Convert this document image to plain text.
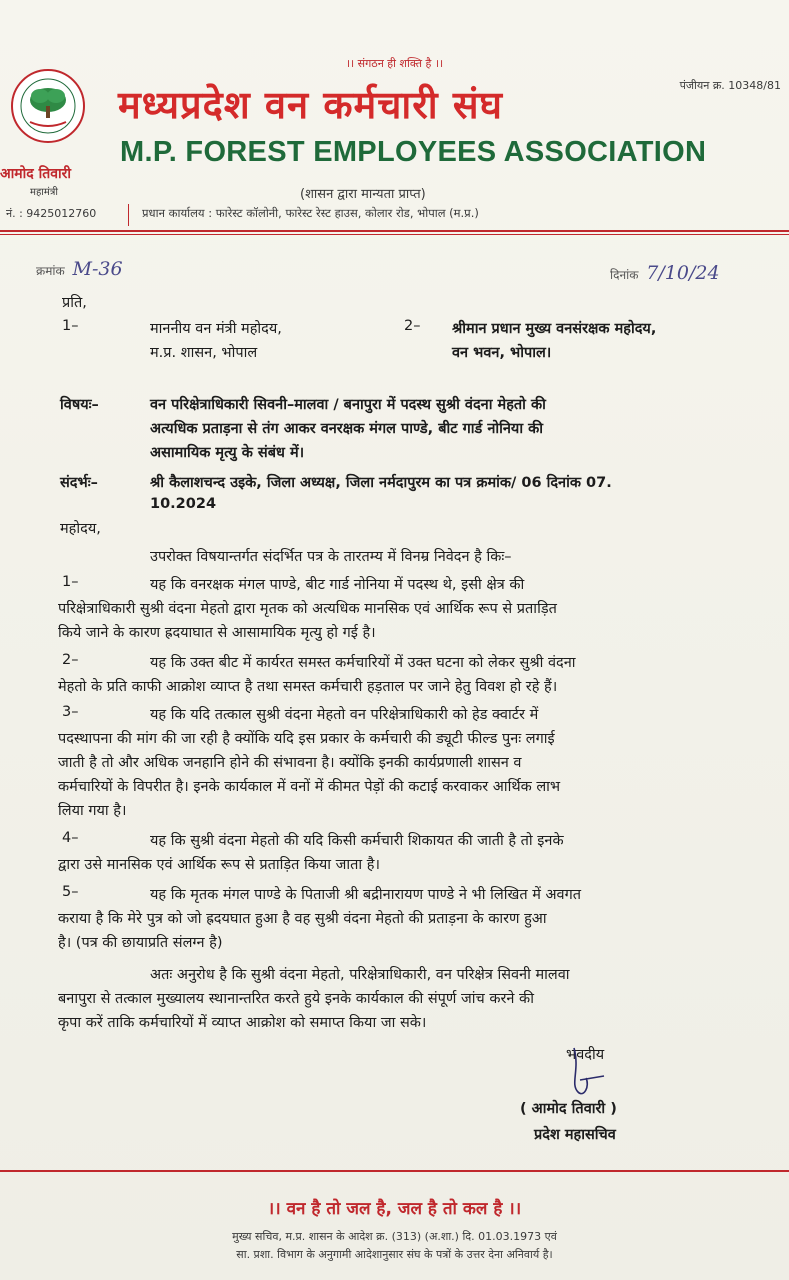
।। संगठन ही शक्ति है ।।
पंजीयन क्र. 10348/81
मध्यप्रदेश वन कर्मचारी संघ
M.P. FOREST EMPLOYEES ASSOCIATION
आमोद तिवारी
महामंत्री	(शासन द्वारा मान्यता प्राप्त)
नं. : 9425012760	प्रधान कार्यालय : फारेस्ट कॉलोनी, फारेस्ट रेस्ट हाउस, कोलार रोड, भोपाल (म.प्र.)
क्रमांक M-36	दिनांक 7/10/24
प्रति,
1–	माननीय वन मंत्री महोदय,
म.प्र. शासन, भोपाल
2– श्रीमान प्रधान मुख्य वनसंरक्षक महोदय,
वन भवन, भोपाल।
विषयः–	वन परिक्षेत्राधिकारी सिवनी–मालवा / बनापुरा में पदस्थ सुश्री वंदना मेहतो की
अत्यधिक प्रताड़ना से तंग आकर वनरक्षक मंगल पाण्डे, बीट गार्ड नोनिया की
असामायिक मृत्यु के संबंध में।
संदर्भः–	श्री कैलाशचन्द उइके, जिला अध्यक्ष, जिला नर्मदापुरम का पत्र क्रमांक/ 06 दिनांक 07.
10.2024
महोदय,
उपरोक्त विषयान्तर्गत संदर्भित पत्र के तारतम्य में विनम्र निवेदन है किः–
1–	यह कि वनरक्षक मंगल पाण्डे, बीट गार्ड नोनिया में पदस्थ थे, इसी क्षेत्र की
परिक्षेत्राधिकारी सुश्री वंदना मेहतो द्वारा मृतक को अत्यधिक मानसिक एवं आर्थिक रूप से प्रताड़ित
किये जाने के कारण ह्रदयाघात से आसामायिक मृत्यु हो गई है।
2–	यह कि उक्त बीट में कार्यरत समस्त कर्मचारियों में उक्त घटना को लेकर सुश्री वंदना
मेहतो के प्रति काफी आक्रोश व्याप्त है तथा समस्त कर्मचारी हड़ताल पर जाने हेतु विवश हो रहे हैं।
3–	यह कि यदि तत्काल सुश्री वंदना मेहतो वन परिक्षेत्राधिकारी को हेड क्वार्टर में
पदस्थापना की मांग की जा रही है क्योंकि यदि इस प्रकार के कर्मचारी की ड्यूटी फील्ड पुनः लगाई
जाती है तो और अधिक जनहानि होने की संभावना है। क्योंकि इनकी कार्यप्रणाली शासन व
कर्मचारियों के विपरीत है। इनके कार्यकाल में वनों में कीमत पेड़ों की कटाई करवाकर आर्थिक लाभ
लिया गया है।
4–	यह कि सुश्री वंदना मेहतो की यदि किसी कर्मचारी शिकायत की जाती है तो इनके
द्वारा उसे मानसिक एवं आर्थिक रूप से प्रताड़ित किया जाता है।
5–	यह कि मृतक मंगल पाण्डे के पिताजी श्री बद्रीनारायण पाण्डे ने भी लिखित में अवगत
कराया है कि मेरे पुत्र को जो ह्रदयघात हुआ है वह सुश्री वंदना मेहतो की प्रताड़ना के कारण हुआ
है। (पत्र की छायाप्रति संलग्न है)
अतः अनुरोध है कि सुश्री वंदना मेहतो, परिक्षेत्राधिकारी, वन परिक्षेत्र सिवनी मालवा
बनापुरा से तत्काल मुख्यालय स्थानान्तरित करते हुये इनके कार्यकाल की संपूर्ण जांच करने की
कृपा करें ताकि कर्मचारियों में व्याप्त आक्रोश को समाप्त किया जा सके।
भवदीय
( आमोद तिवारी )
प्रदेश महासचिव
।। वन है तो जल है, जल है तो कल है ।।
मुख्य सचिव, म.प्र. शासन के आदेश क्र. (313) (अ.शा.) दि. 01.03.1973 एवं
सा. प्रशा. विभाग के अनुगामी आदेशानुसार संघ के पत्रों के उत्तर देना अनिवार्य है।
